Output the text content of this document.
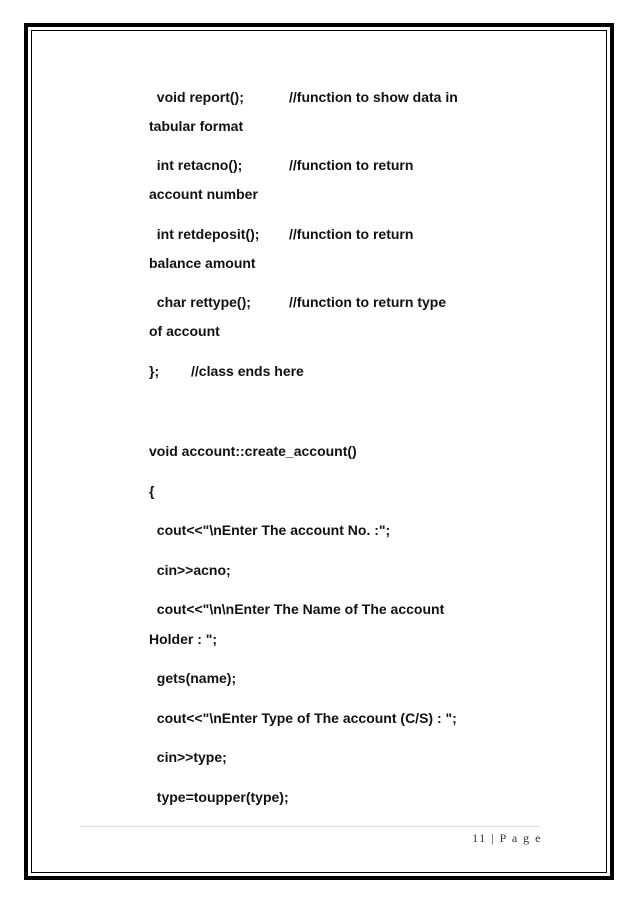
void report();	//function to show data in
tabular format
int retacno();	//function to return
account number
int retdeposit(); //function to return
balance amount
char rettype();	//function to return type
of account
}; //class ends here
void account::create_account()
{
cout<<"\nEnter The account No. :";
cin>>acno;
cout<<"\n\nEnter The Name of The account
Holder : ";
gets(name);
cout<<"\nEnter Type of The account (C/S) : ";
cin>>type;
type=toupper(type);
11 | P a g e
